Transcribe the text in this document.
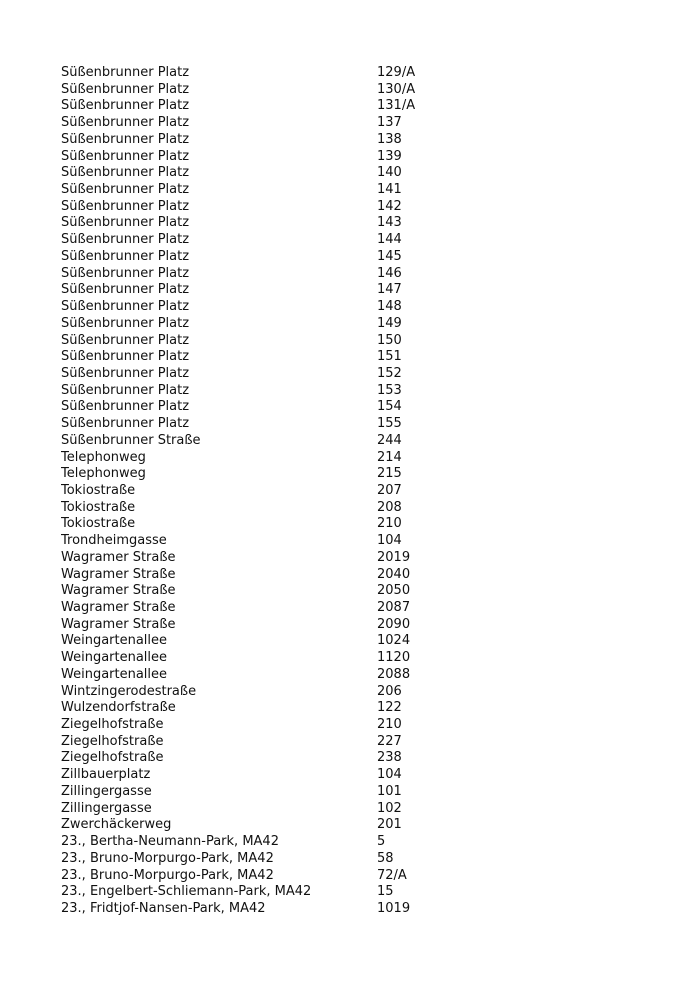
Süßenbrunner Platz	129/A
Süßenbrunner Platz	130/A
Süßenbrunner Platz	131/A
Süßenbrunner Platz	137
Süßenbrunner Platz	138
Süßenbrunner Platz	139
Süßenbrunner Platz	140
Süßenbrunner Platz	141
Süßenbrunner Platz	142
Süßenbrunner Platz	143
Süßenbrunner Platz	144
Süßenbrunner Platz	145
Süßenbrunner Platz	146
Süßenbrunner Platz	147
Süßenbrunner Platz	148
Süßenbrunner Platz	149
Süßenbrunner Platz	150
Süßenbrunner Platz	151
Süßenbrunner Platz	152
Süßenbrunner Platz	153
Süßenbrunner Platz	154
Süßenbrunner Platz	155
Süßenbrunner Straße	244
Telephonweg	214
Telephonweg	215
Tokiostraße	207
Tokiostraße	208
Tokiostraße	210
Trondheimgasse	104
Wagramer Straße	2019
Wagramer Straße	2040
Wagramer Straße	2050
Wagramer Straße	2087
Wagramer Straße	2090
Weingartenallee	1024
Weingartenallee	1120
Weingartenallee	2088
Wintzingerodestraße	206
Wulzendorfstraße	122
Ziegelhofstraße	210
Ziegelhofstraße	227
Ziegelhofstraße	238
Zillbauerplatz	104
Zillingergasse	101
Zillingergasse	102
Zwerchäckerweg	201
23., Bertha-Neumann-Park, MA42	5
23., Bruno-Morpurgo-Park, MA42	58
23., Bruno-Morpurgo-Park, MA42	72/A
23., Engelbert-Schliemann-Park, MA42	15
23., Fridtjof-Nansen-Park, MA42	1019
